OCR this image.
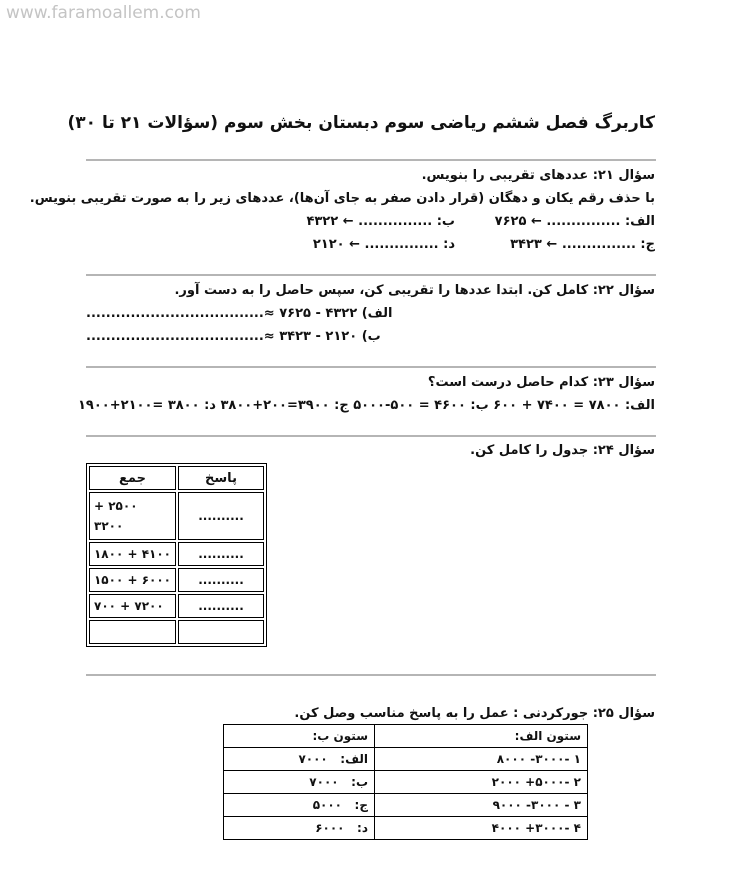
www.faramoallem.com
کاربرگ فصل ششم ریاضی سوم دبستان بخش سوم (سؤالات ۲۱ تا ۳۰)
سؤال ۲۱: عددهای تقریبی را بنویس.
با حذف رقم یکان و دهگان (قرار دادن صفر به جای آن‌ها)، عددهای زیر را به صورت تقریبی بنویس.
الف: ............... ← ۷۶۲۵
ب: ............... ← ۴۳۲۲
ج: ............... ← ۳۴۲۳
د: ............... ← ۲۱۲۰
سؤال ۲۲: کامل کن. ابتدا عددها را تقریبی کن، سپس حاصل را به دست آور.
الف) ۴۳۲۲ - ۷۶۲۵ ≈....................................
ب) ۲۱۲۰ - ۳۴۲۳ ≈....................................
سؤال ۲۳: کدام حاصل درست است؟
الف: ۷۸۰۰ = ۷۴۰۰ + ۶۰۰ ب: ۴۶۰۰ = ۵۰۰-۵۰۰۰ ج: ۳۹۰۰=۲۰۰+۳۸۰۰ د: ۳۸۰۰ =۲۱۰۰+۱۹۰۰
سؤال ۲۴: جدول را کامل کن.
پاسخ	جمع
..........	۲۵۰۰ +
۳۲۰۰

..........	۴۱۰۰ + ۱۸۰۰
..........	۶۰۰۰ + ۱۵۰۰
..........	۷۲۰۰ + ۷۰۰

سؤال ۲۵: جورکردنی : عمل را به پاسخ مناسب وصل کن.
ستون الف:	ستون ب:
۱ -۳۰۰۰- ۸۰۰۰	الف:   ۷۰۰۰
۲ -۵۰۰۰+ ۲۰۰۰	ب:   ۷۰۰۰
۳ - ۳۰۰۰- ۹۰۰۰	ج:   ۵۰۰۰
۴ -۳۰۰۰+ ۴۰۰۰	د:   ۶۰۰۰
